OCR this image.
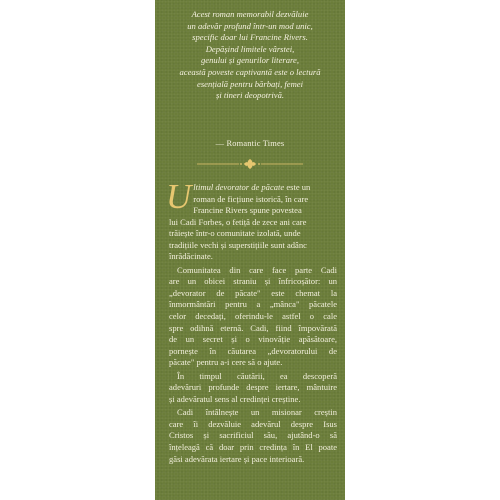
Acest roman memorabil dezvăluie
un adevăr profund într-un mod unic,
specific doar lui Francine Rivers.
Depășind limitele vârstei,
genului și genurilor literare,
această poveste captivantă este o lectură
esențială pentru bărbați, femei
și tineri deopotrivă.
— Romantic Times
U ltimul devorator de păcate este un
roman de ficțiune istorică, în care
Francine Rivers spune povestea
lui Cadi Forbes, o fetiță de zece ani care
trăiește într-o comunitate izolată, unde
tradițiile vechi și superstițiile sunt adânc
înrădăcinate.
Comunitatea din care face parte Cadi
are un obicei straniu și înfricoșător: un
„devorator de păcate" este chemat la
înmormântări pentru a „mânca" păcatele
celor decedați, oferindu-le astfel o cale
spre odihnă eternă. Cadi, fiind împovărată
de un secret și o vinovăție apăsătoare,
pornește în căutarea „devoratorului de
păcate" pentru a-i cere să o ajute.
În timpul căutării, ea descoperă
adevăruri profunde despre iertare, mântuire
și adevăratul sens al credinței creștine.
Cadi întâlnește un misionar creștin
care îi dezvăluie adevărul despre Isus
Cristos și sacrificiul său, ajutând-o să
înțeleagă că doar prin credința în El poate
găsi adevărata iertare și pace interioară.
